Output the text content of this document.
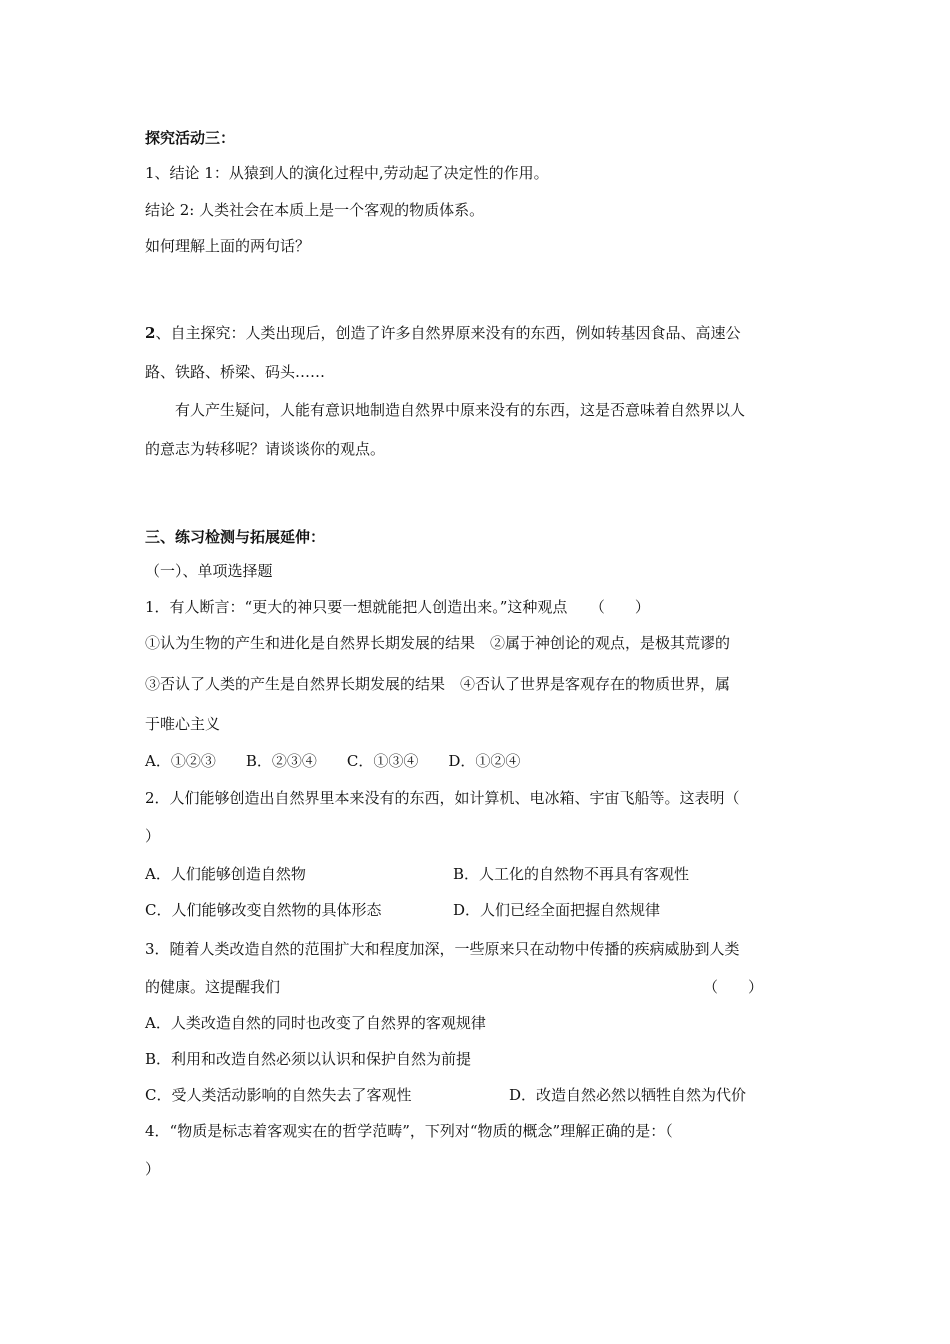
探究活动三：
1、结论 1：从猿到人的演化过程中,劳动起了决定性的作用。
结论 2: 人类社会在本质上是一个客观的物质体系。
如何理解上面的两句话？
2、自主探究：人类出现后，创造了许多自然界原来没有的东西，例如转基因食品、高速公
路、铁路、桥梁、码头……
有人产生疑问，人能有意识地制造自然界中原来没有的东西，这是否意味着自然界以人
的意志为转移呢？请谈谈你的观点。
三、练习检测与拓展延伸：
（一）、单项选择题
1．有人断言：“更大的神只要一想就能把人创造出来。”这种观点　　（　　）
①认为生物的产生和进化是自然界长期发展的结果　②属于神创论的观点，是极其荒谬的
③否认了人类的产生是自然界长期发展的结果　④否认了世界是客观存在的物质世界，属
于唯心主义
A．①②③　　B．②③④　　C．①③④　　D．①②④
2．人们能够创造出自然界里本来没有的东西，如计算机、电冰箱、宇宙飞船等。这表明（
）
A．人们能够创造自然物	B．人工化的自然物不再具有客观性
C．人们能够改变自然物的具体形态	D．人们已经全面把握自然规律
3．随着人类改造自然的范围扩大和程度加深，一些原来只在动物中传播的疾病威胁到人类
的健康。这提醒我们	（　　）
A．人类改造自然的同时也改变了自然界的客观规律
B．利用和改造自然必须以认识和保护自然为前提
C．受人类活动影响的自然失去了客观性	D．改造自然必然以牺牲自然为代价
4．“物质是标志着客观实在的哲学范畴”，下列对“物质的概念”理解正确的是：（
）
